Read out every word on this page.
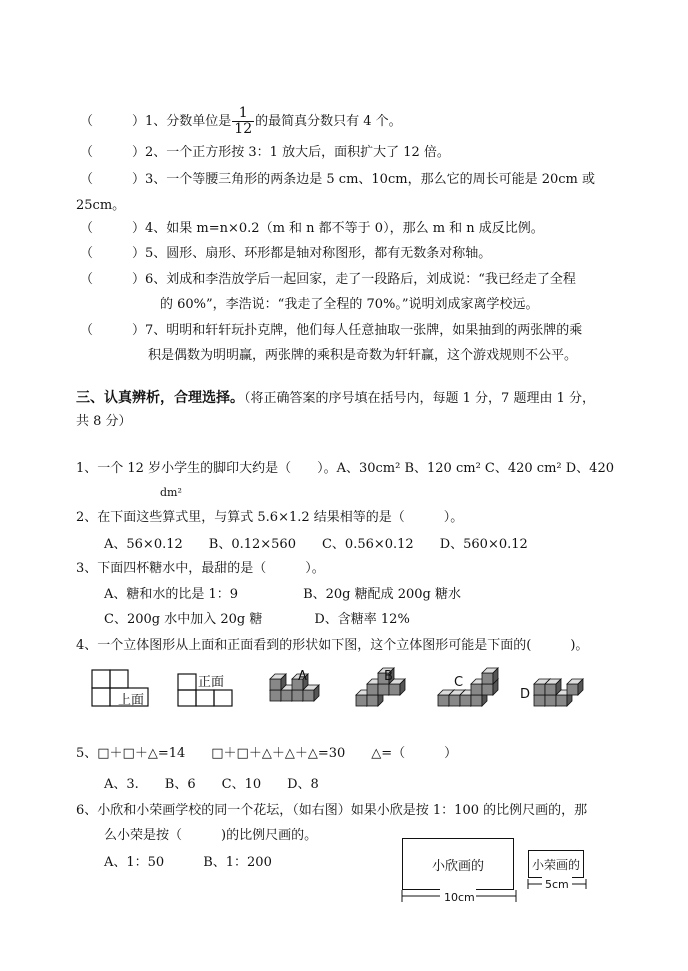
（　　　）1、分数单位是 $\frac{1}{12}$ 的最简真分数只有 4 个。
（　　　）2、一个正方形按 3：1 放大后，面积扩大了 12 倍。
（　　　）3、一个等腰三角形的两条边是 5 cm、10cm，那么它的周长可能是 20cm 或
25cm。
（　　　）4、如果 m=n×0.2（m 和 n 都不等于 0），那么 m 和 n 成反比例。
（　　　）5、圆形、扇形、环形都是轴对称图形，都有无数条对称轴。
（　　　）6、刘成和李浩放学后一起回家，走了一段路后，刘成说：“我已经走了全程
的 60%”，李浩说：“我走了全程的 70%。”说明刘成家离学校远。
（　　　）7、明明和轩轩玩扑克牌，他们每人任意抽取一张牌，如果抽到的两张牌的乘
积是偶数为明明赢，两张牌的乘积是奇数为轩轩赢，这个游戏规则不公平。
三、认真辨析，合理选择。（将正确答案的序号填在括号内，每题 1 分，7 题理由 1 分，
共 8 分）
1、一个 12 岁小学生的脚印大约是（　　）。A、30cm² B、120 cm² C、420 cm² D、420
dm²
2、在下面这些算式里，与算式 5.6×1.2 结果相等的是（　　　）。
A、56×0.12　　B、0.12×560　　C、0.56×0.12　　D、560×0.12
3、下面四杯糖水中，最甜的是（　　　）。
A、糖和水的比是 1：9　　　　　B、20g 糖配成 200g 糖水
C、200g 水中加入 20g 糖　　　　D、含糖率 12%
4、一个立体图形从上面和正面看到的形状如下图，这个立体图形可能是下面的(　　　)。
上面
正面	A	B	C
D
5、□＋□＋△=14　　□＋□＋△＋△＋△=30　　△=（　　　）
A、3.　　B、6　　C、10　　D、8
6、小欣和小荣画学校的同一个花坛，（如右图）如果小欣是按 1：100 的比例尺画的，那
么小荣是按（　　　)的比例尺画的。
A、1：50　　　B、1：200	小欣画的	小荣画的
10cm
5cm
